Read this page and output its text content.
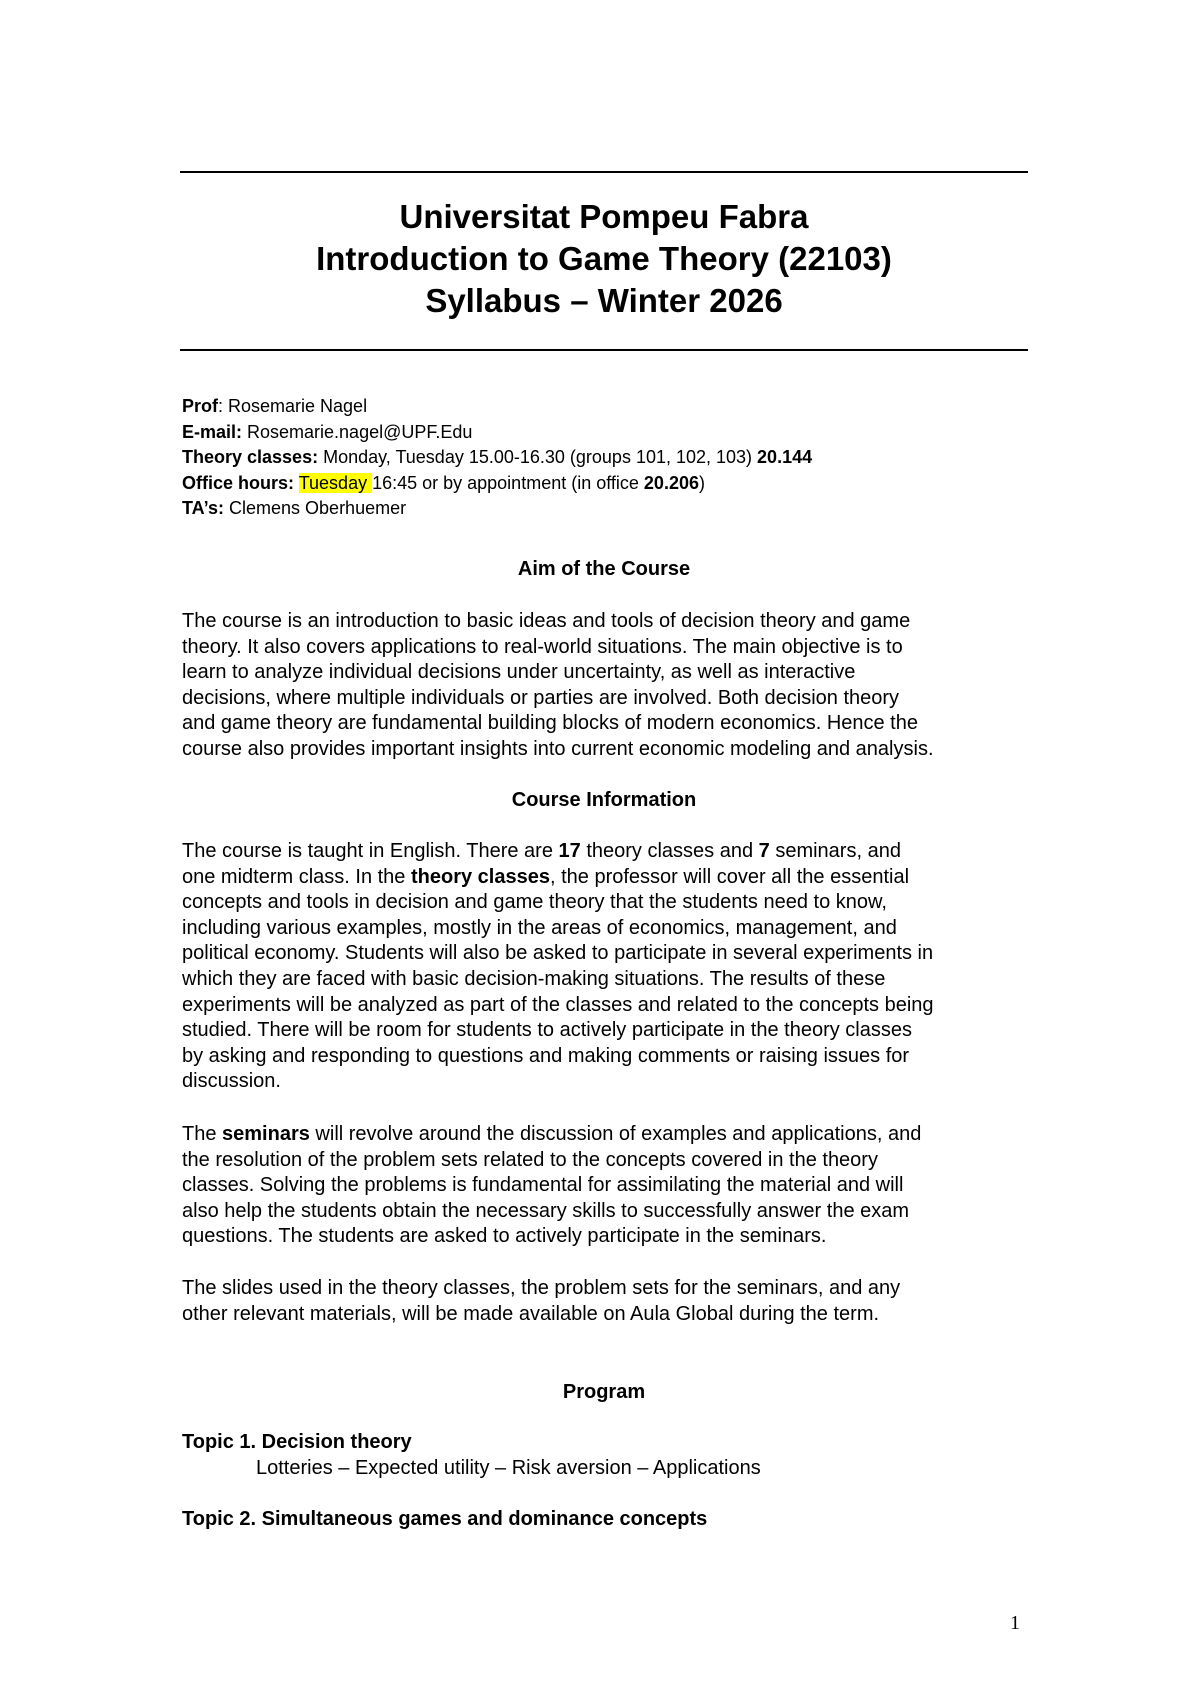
Universitat Pompeu Fabra
Introduction to Game Theory (22103)
Syllabus – Winter 2026
Prof: Rosemarie Nagel
E-mail: Rosemarie.nagel@UPF.Edu
Theory classes: Monday, Tuesday 15.00-16.30 (groups 101, 102, 103) 20.144
Office hours: Tuesday 16:45 or by appointment (in office 20.206)
TA’s: Clemens Oberhuemer
Aim of the Course
The course is an introduction to basic ideas and tools of decision theory and game
theory. It also covers applications to real-world situations. The main objective is to
learn to analyze individual decisions under uncertainty, as well as interactive
decisions, where multiple individuals or parties are involved. Both decision theory
and game theory are fundamental building blocks of modern economics. Hence the
course also provides important insights into current economic modeling and analysis.
Course Information
The course is taught in English. There are 17 theory classes and 7 seminars, and
one midterm class. In the theory classes, the professor will cover all the essential
concepts and tools in decision and game theory that the students need to know,
including various examples, mostly in the areas of economics, management, and
political economy. Students will also be asked to participate in several experiments in
which they are faced with basic decision-making situations. The results of these
experiments will be analyzed as part of the classes and related to the concepts being
studied. There will be room for students to actively participate in the theory classes
by asking and responding to questions and making comments or raising issues for
discussion.
The seminars will revolve around the discussion of examples and applications, and
the resolution of the problem sets related to the concepts covered in the theory
classes. Solving the problems is fundamental for assimilating the material and will
also help the students obtain the necessary skills to successfully answer the exam
questions. The students are asked to actively participate in the seminars.
The slides used in the theory classes, the problem sets for the seminars, and any
other relevant materials, will be made available on Aula Global during the term.
Program
Topic 1. Decision theory
Lotteries – Expected utility – Risk aversion – Applications
Topic 2. Simultaneous games and dominance concepts
1
